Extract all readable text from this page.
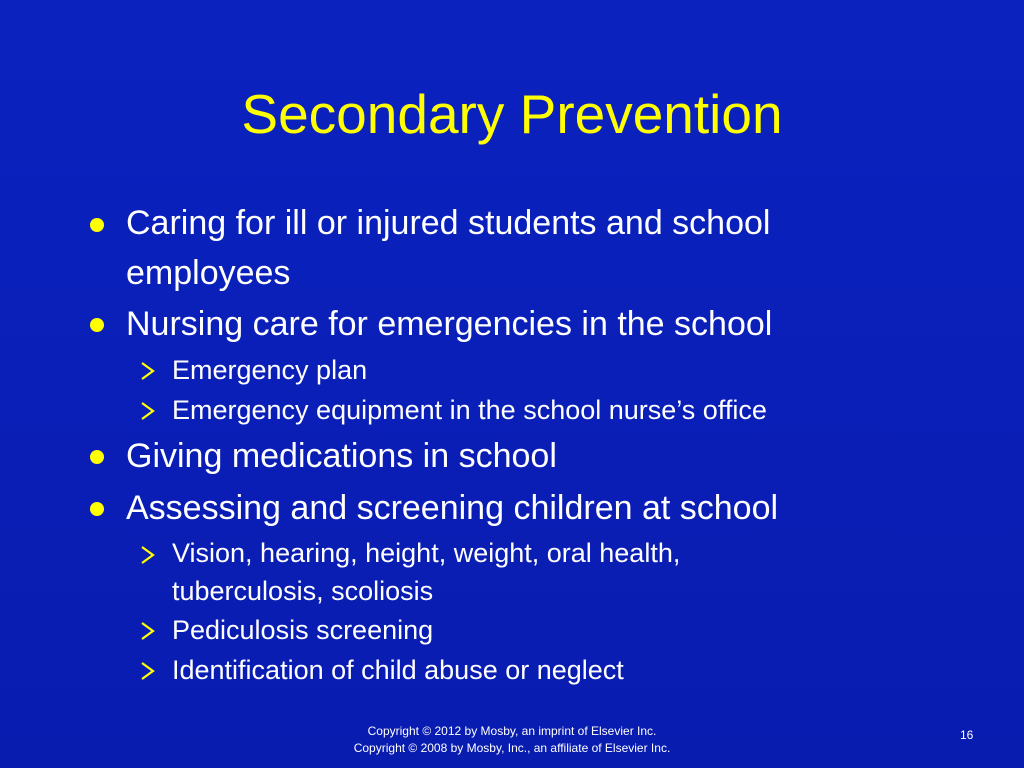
Secondary Prevention
Caring for ill or injured students and school
employees
Nursing care for emergencies in the school
Emergency plan
Emergency equipment in the school nurse’s office
Giving medications in school
Assessing and screening children at school
Vision, hearing, height, weight, oral health,
tuberculosis, scoliosis
Pediculosis screening
Identification of child abuse or neglect
Copyright © 2012 by Mosby, an imprint of Elsevier Inc.
Copyright © 2008 by Mosby, Inc., an affiliate of Elsevier Inc.
16
